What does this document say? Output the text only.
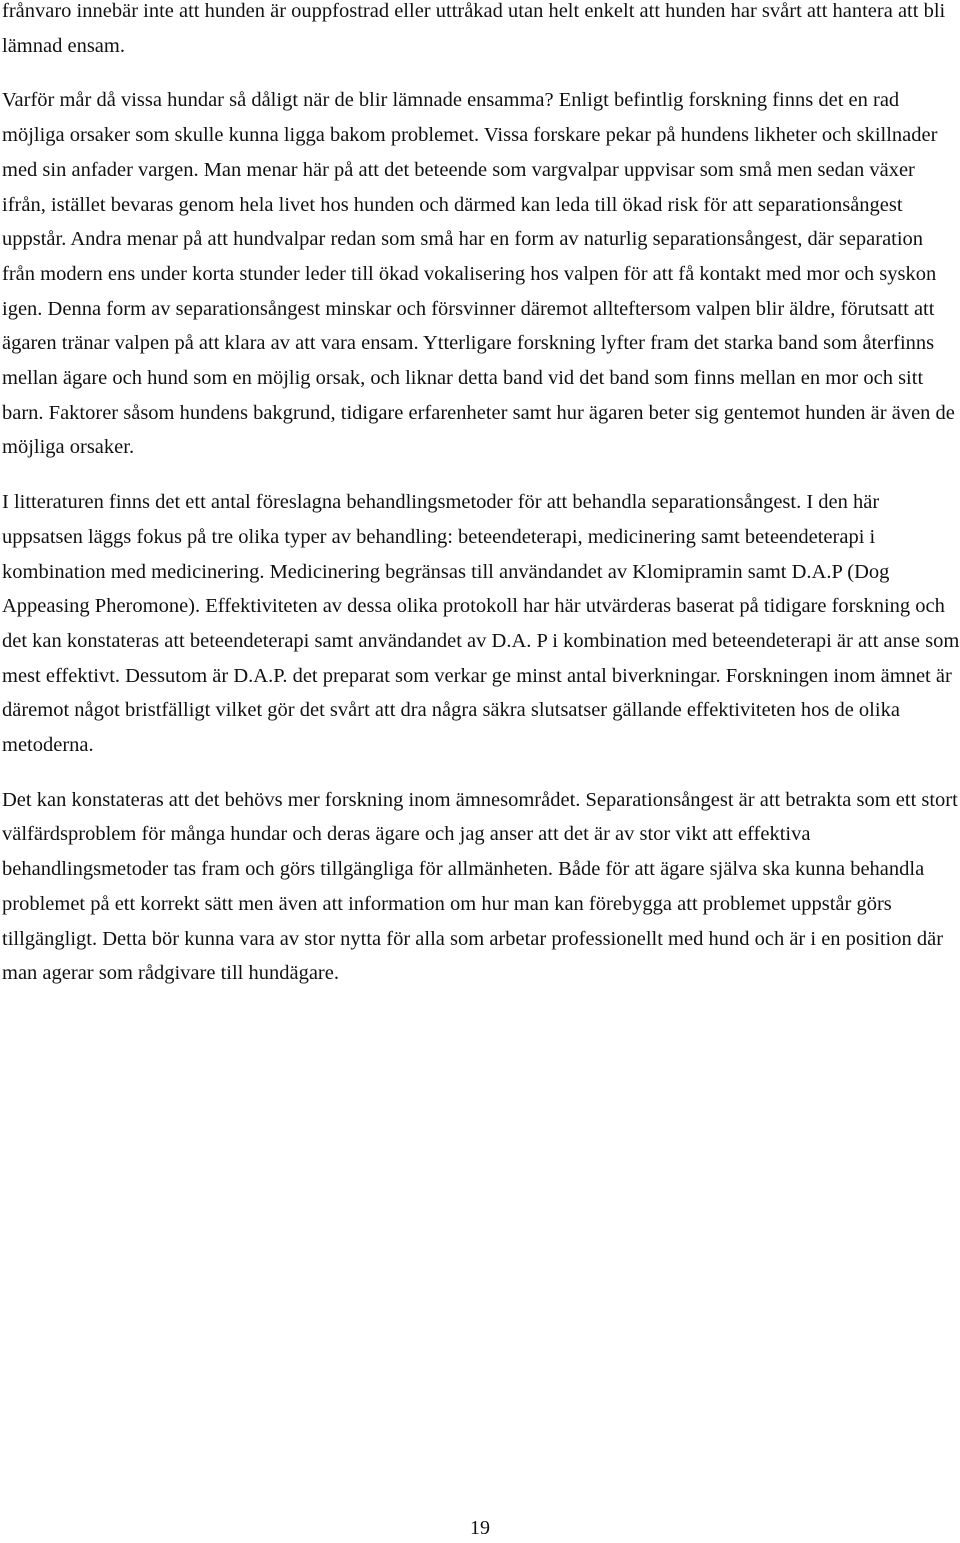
frånvaro innebär inte att hunden är ouppfostrad eller uttråkad utan helt enkelt att hunden har svårt att hantera att bli lämnad ensam.

Varför mår då vissa hundar så dåligt när de blir lämnade ensamma? Enligt befintlig forskning finns det en rad möjliga orsaker som skulle kunna ligga bakom problemet. Vissa forskare pekar på hundens likheter och skillnader med sin anfader vargen. Man menar här på att det beteende som vargvalpar uppvisar som små men sedan växer ifrån, istället bevaras genom hela livet hos hunden och därmed kan leda till ökad risk för att separationsångest uppstår. Andra menar på att hundvalpar redan som små har en form av naturlig separationsångest, där separation från modern ens under korta stunder leder till ökad vokalisering hos valpen för att få kontakt med mor och syskon igen. Denna form av separationsångest minskar och försvinner däremot allteftersom valpen blir äldre, förutsatt att ägaren tränar valpen på att klara av att vara ensam. Ytterligare forskning lyfter fram det starka band som återfinns mellan ägare och hund som en möjlig orsak, och liknar detta band vid det band som finns mellan en mor och sitt barn. Faktorer såsom hundens bakgrund, tidigare erfarenheter samt hur ägaren beter sig gentemot hunden är även de möjliga orsaker.

I litteraturen finns det ett antal föreslagna behandlingsmetoder för att behandla separationsångest. I den här uppsatsen läggs fokus på tre olika typer av behandling: beteendeterapi, medicinering samt beteendeterapi i kombination med medicinering. Medicinering begränsas till användandet av Klomipramin samt D.A.P (Dog Appeasing Pheromone). Effektiviteten av dessa olika protokoll har här utvärderas baserat på tidigare forskning och det kan konstateras att beteendeterapi samt användandet av D.A. P i kombination med beteendeterapi är att anse som mest effektivt. Dessutom är D.A.P. det preparat som verkar ge minst antal biverkningar. Forskningen inom ämnet är däremot något bristfälligt vilket gör det svårt att dra några säkra slutsatser gällande effektiviteten hos de olika metoderna.

Det kan konstateras att det behövs mer forskning inom ämnesområdet. Separationsångest är att betrakta som ett stort välfärdsproblem för många hundar och deras ägare och jag anser att det är av stor vikt att effektiva behandlingsmetoder tas fram och görs tillgängliga för allmänheten. Både för att ägare själva ska kunna behandla problemet på ett korrekt sätt men även att information om hur man kan förebygga att problemet uppstår görs tillgängligt. Detta bör kunna vara av stor nytta för alla som arbetar professionellt med hund och är i en position där man agerar som rådgivare till hundägare.

19
